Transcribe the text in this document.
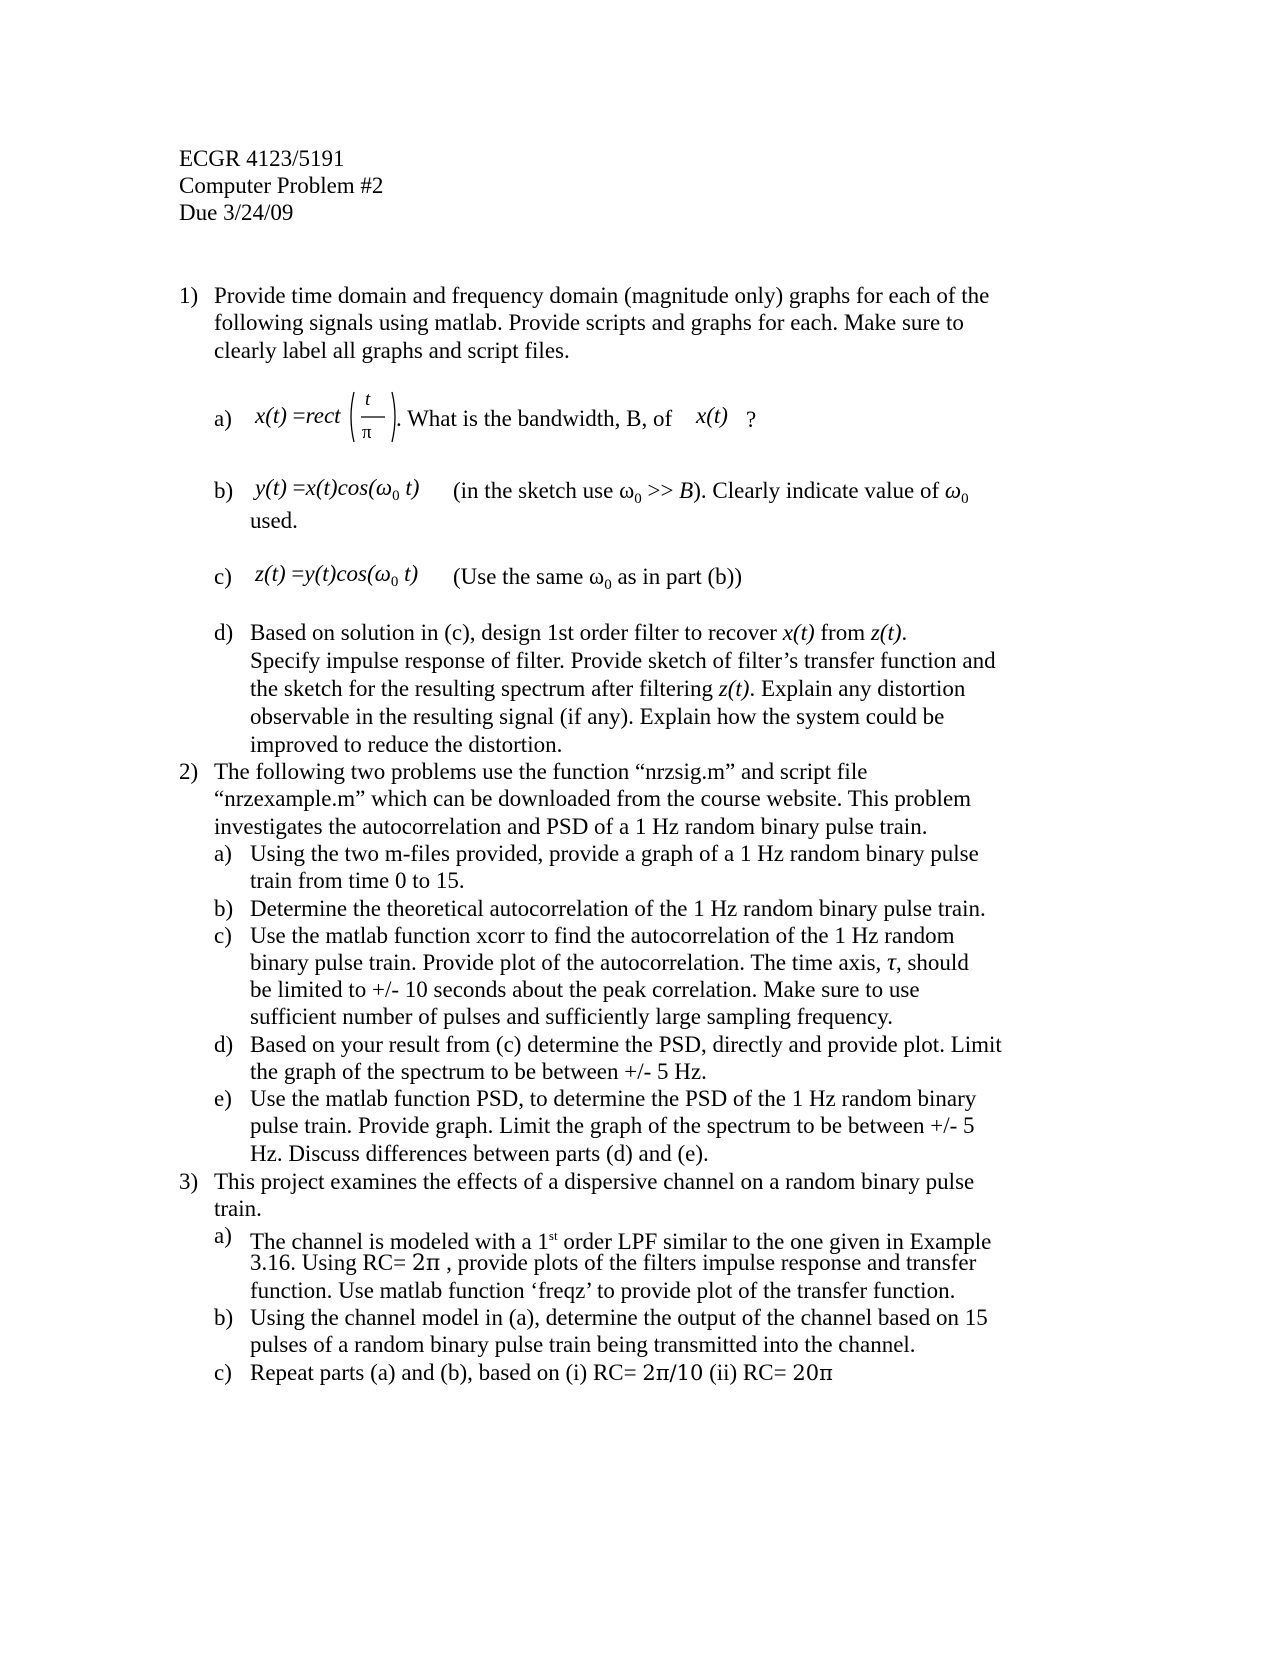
ECGR 4123/5191
Computer Problem #2
Due 3/24/09
1) Provide time domain and frequency domain (magnitude only) graphs for each of the
following signals using matlab. Provide scripts and graphs for each. Make sure to
clearly label all graphs and script files.
a) x(t) =rect
t
π
. What is the bandwidth, B, of x(t) ?
b) $y(t) =x(t)\cos(\omega_0$ t) (in the sketch use $\omega_0 >> B$). Clearly indicate value of $\omega_0$
used.
c) $z(t) =y(t)\cos(\omega_0$ t) (Use the same $\omega_0$ as in part (b))
d) Based on solution in (c), design 1st order filter to recover x(t) from z(t).
Specify impulse response of filter. Provide sketch of filter’s transfer function and
the sketch for the resulting spectrum after filtering z(t). Explain any distortion
observable in the resulting signal (if any). Explain how the system could be
improved to reduce the distortion.
2) The following two problems use the function “nrzsig.m” and script file
“nrzexample.m” which can be downloaded from the course website. This problem
investigates the autocorrelation and PSD of a 1 Hz random binary pulse train.
a) Using the two m-files provided, provide a graph of a 1 Hz random binary pulse
train from time 0 to 15.
b) Determine the theoretical autocorrelation of the 1 Hz random binary pulse train.
c) Use the matlab function xcorr to find the autocorrelation of the 1 Hz random
binary pulse train. Provide plot of the autocorrelation. The time axis, τ, should
be limited to +/- 10 seconds about the peak correlation. Make sure to use
sufficient number of pulses and sufficiently large sampling frequency.
d) Based on your result from (c) determine the PSD, directly and provide plot. Limit
the graph of the spectrum to be between +/- 5 Hz.
e) Use the matlab function PSD, to determine the PSD of the 1 Hz random binary
pulse train. Provide graph. Limit the graph of the spectrum to be between +/- 5
Hz. Discuss differences between parts (d) and (e).
3) This project examines the effects of a dispersive channel on a random binary pulse
train.
a) The channel is modeled with a 1st order LPF similar to the one given in Example
3.16. Using RC= 2π , provide plots of the filters impulse response and transfer
function. Use matlab function ‘freqz’ to provide plot of the transfer function.
b) Using the channel model in (a), determine the output of the channel based on 15
pulses of a random binary pulse train being transmitted into the channel.
c) Repeat parts (a) and (b), based on (i) RC= 2π/10 (ii) RC= 20π
